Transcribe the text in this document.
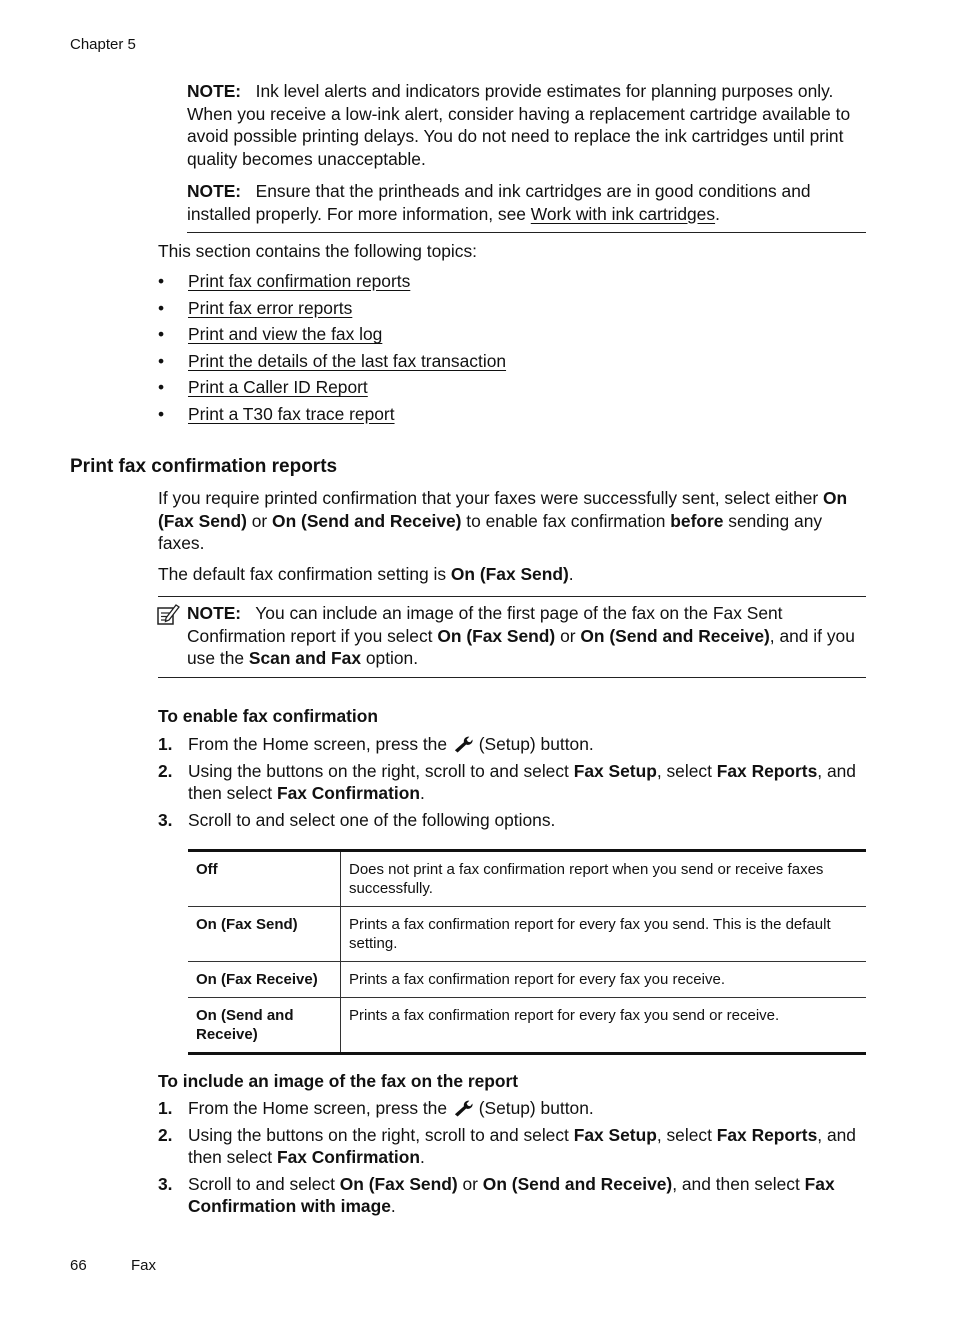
Chapter 5

NOTE: Ink level alerts and indicators provide estimates for planning purposes only. When you receive a low-ink alert, consider having a replacement cartridge available to avoid possible printing delays. You do not need to replace the ink cartridges until print quality becomes unacceptable.

NOTE: Ensure that the printheads and ink cartridges are in good conditions and installed properly. For more information, see Work with ink cartridges.

This section contains the following topics:
• Print fax confirmation reports
• Print fax error reports
• Print and view the fax log
• Print the details of the last fax transaction
• Print a Caller ID Report
• Print a T30 fax trace report
Print fax confirmation reports
If you require printed confirmation that your faxes were successfully sent, select either On (Fax Send) or On (Send and Receive) to enable fax confirmation before sending any faxes.
The default fax confirmation setting is On (Fax Send).
NOTE: You can include an image of the first page of the fax on the Fax Sent Confirmation report if you select On (Fax Send) or On (Send and Receive), and if you use the Scan and Fax option.
To enable fax confirmation
1. From the Home screen, press the  (Setup) button.
2. Using the buttons on the right, scroll to and select Fax Setup, select Fax Reports, and then select Fax Confirmation.
3. Scroll to and select one of the following options.
Off	Does not print a fax confirmation report when you send or receive faxes successfully.
On (Fax Send)	Prints a fax confirmation report for every fax you send. This is the default setting.
On (Fax Receive)	Prints a fax confirmation report for every fax you receive.
On (Send and Receive)	Prints a fax confirmation report for every fax you send or receive.
To include an image of the fax on the report
1. From the Home screen, press the  (Setup) button.
2. Using the buttons on the right, scroll to and select Fax Setup, select Fax Reports, and then select Fax Confirmation.
3. Scroll to and select On (Fax Send) or On (Send and Receive), and then select Fax Confirmation with image.
66	Fax
